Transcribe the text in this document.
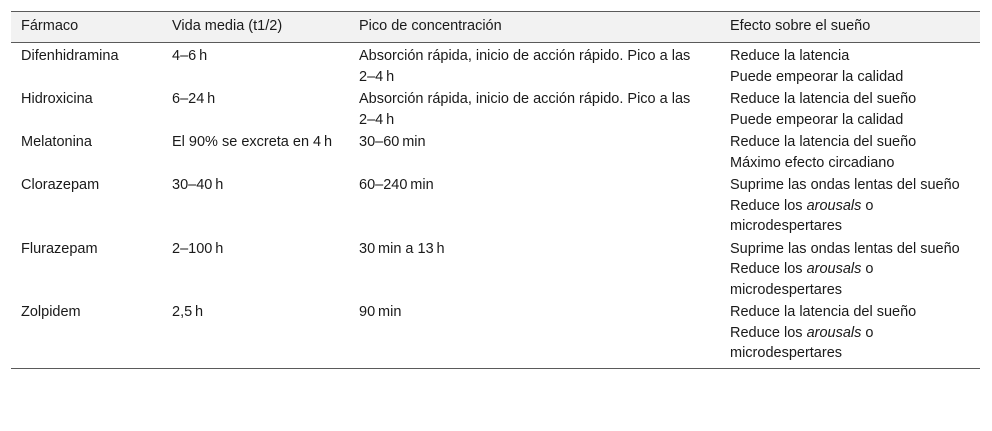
Fármaco	Vida media (t1/2)	Pico de concentración	Efecto sobre el sueño
Difenhidramina	4–6 h	Absorción rápida, inicio de acción rápido. Pico a las 2–4 h	Reduce la latencia
Puede empeorar la calidad

Hidroxicina	6–24 h	Absorción rápida, inicio de acción rápido. Pico a las 2–4 h	Reduce la latencia del sueño
Puede empeorar la calidad

Melatonina	El 90% se excreta en 4 h	30–60 min	Reduce la latencia del sueño
Máximo efecto circadiano

Clorazepam	30–40 h	60–240 min	Suprime las ondas lentas del sueño
Reduce los arousals o microdespertares

Flurazepam	2–100 h	30 min a 13 h	Suprime las ondas lentas del sueño
Reduce los arousals o microdespertares

Zolpidem	2,5 h	90 min	Reduce la latencia del sueño
Reduce los arousals o microdespertares
